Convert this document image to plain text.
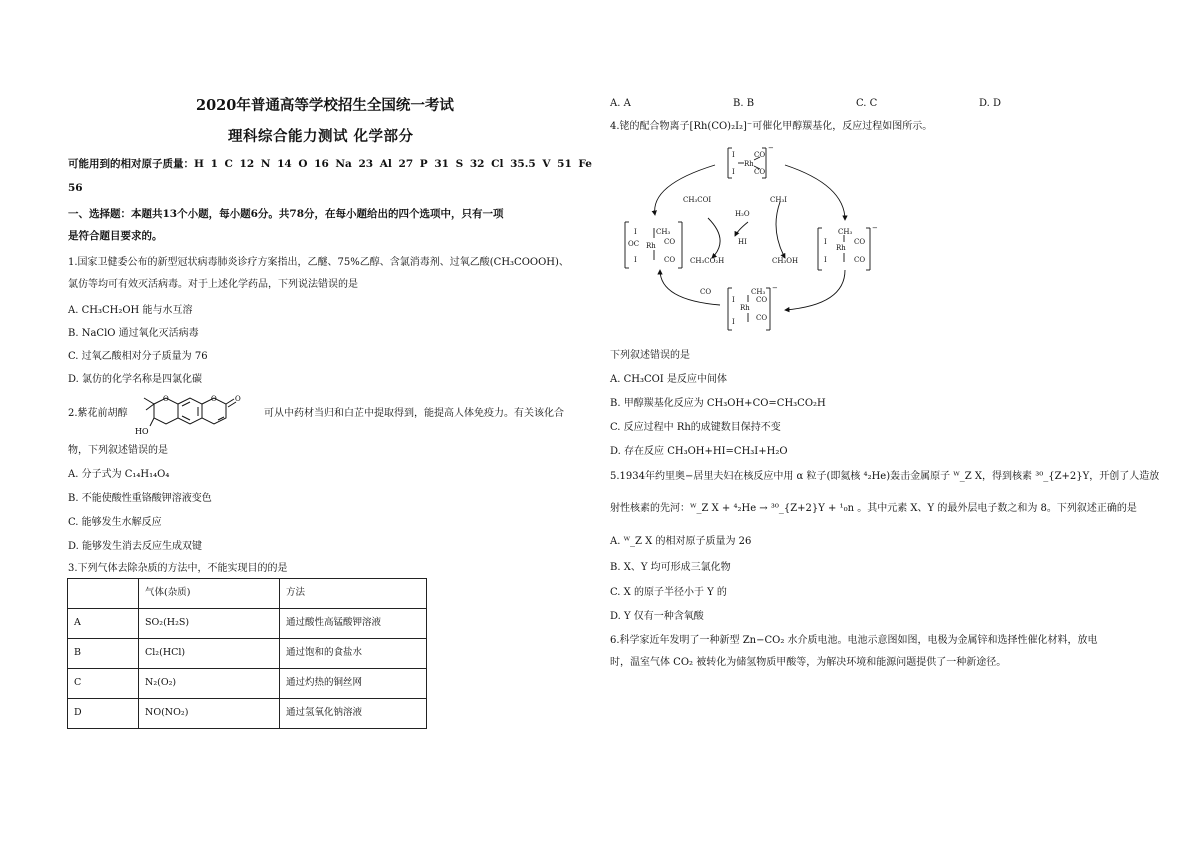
2020年普通高等学校招生全国统一考试
理科综合能力测试 化学部分
可能用到的相对原子质量：H 1 C 12 N 14 O 16 Na 23 Al 27 P 31 S 32 Cl 35.5 V 51 Fe
56
一、选择题：本题共13个小题，每小题6分。共78分，在每小题给出的四个选项中，只有一项
是符合题目要求的。
1.国家卫健委公布的新型冠状病毒肺炎诊疗方案指出，乙醚、75%乙醇、含氯消毒剂、过氧乙酸(CH₃COOOH)、
氯仿等均可有效灭活病毒。对于上述化学药品，下列说法错误的是
A. CH₃CH₂OH 能与水互溶
B. NaClO 通过氧化灭活病毒
C. 过氧乙酸相对分子质量为 76
D. 氯仿的化学名称是四氯化碳
2.紫花前胡醇
O	O	O
HO
可从中药材当归和白芷中提取得到，能提高人体免疫力。有关该化合
物，下列叙述错误的是
A. 分子式为 C₁₄H₁₄O₄
B. 不能使酸性重铬酸钾溶液变色
C. 能够发生水解反应
D. 能够发生消去反应生成双键
3.下列气体去除杂质的方法中，不能实现目的的是
	气体(杂质)	方法
A	SO₂(H₂S)	通过酸性高锰酸钾溶液
B	Cl₂(HCl)	通过饱和的食盐水
C	N₂(O₂)	通过灼热的铜丝网
D	NO(NO₂)	通过氢氧化钠溶液
A. A	B. B	C. C	D. D
4.铑的配合物离子[Rh(CO)₂I₂]⁻可催化甲醇羰基化，反应过程如图所示。
I
I
Rh
CO
CO
−
CH₃COI
H₂O
CH₃I
HI
CH₃CO₂H	CH₃OH
CH₃
OC Rh CO
I	CO
I	CH₃
I
Rh
CO
I	CO
−
CH₃
I
Rh
CO
I	CO
−
CO
下列叙述错误的是
A. CH₃COI 是反应中间体
B. 甲醇羰基化反应为 CH₃OH+CO=CH₃CO₂H
C. 反应过程中 Rh的成键数目保持不变
D. 存在反应 CH₃OH+HI=CH₃I+H₂O
5.1934年约里奥−居里夫妇在核反应中用 α 粒子(即氦核 ⁴₂He)轰击金属原子 ᵂ_Z X，得到核素 ³⁰_{Z+2}Y，开创了人造放
射性核素的先河：ᵂ_Z X + ⁴₂He → ³⁰_{Z+2}Y + ¹₀n 。其中元素 X、Y 的最外层电子数之和为 8。下列叙述正确的是
A. ᵂ_Z X 的相对原子质量为 26
B. X、Y 均可形成三氯化物
C. X 的原子半径小于 Y 的
D. Y 仅有一种含氧酸
6.科学家近年发明了一种新型 Zn−CO₂ 水介质电池。电池示意图如图，电极为金属锌和选择性催化材料，放电
时，温室气体 CO₂ 被转化为储氢物质甲酸等，为解决环境和能源问题提供了一种新途径。
